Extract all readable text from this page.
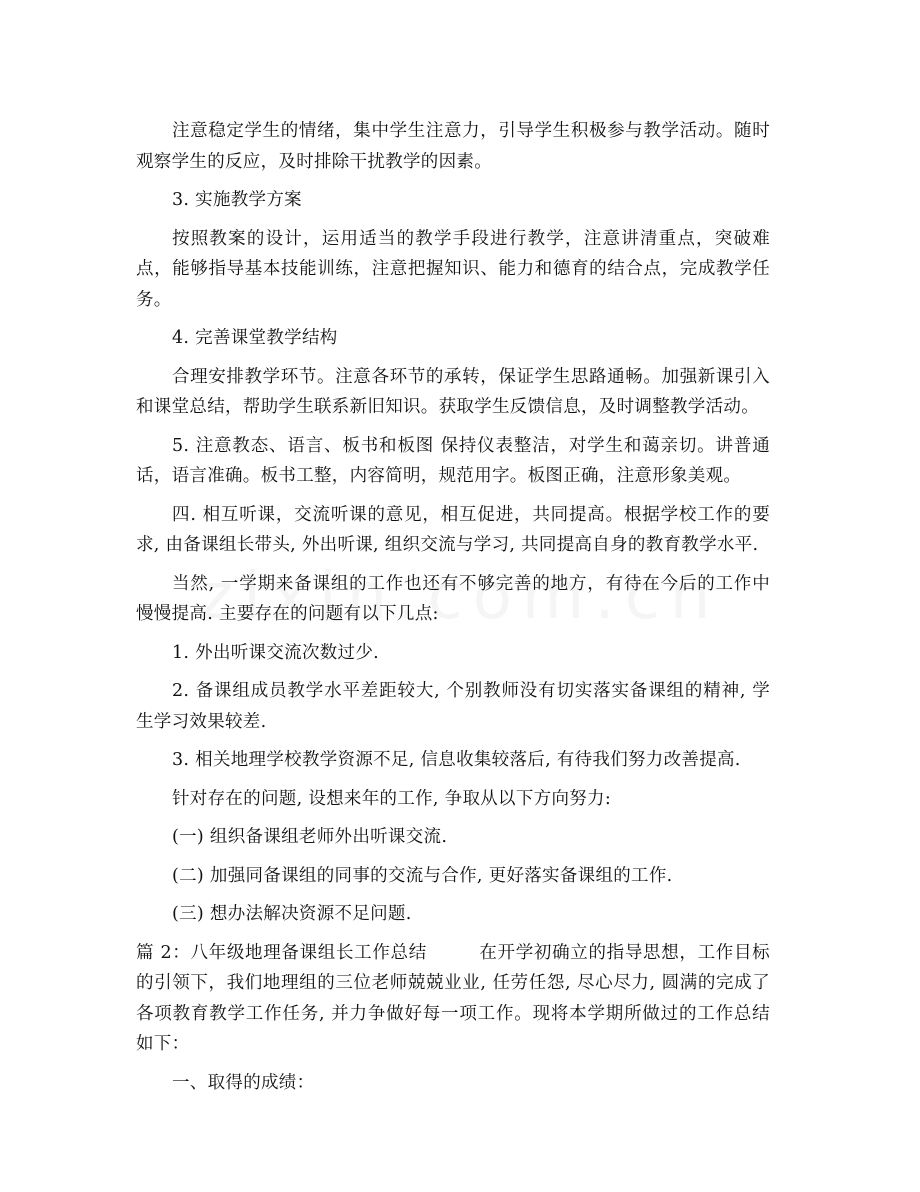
注意稳定学生的情绪，集中学生注意力，引导学生积极参与教学活动。随时观察学生的反应，及时排除干扰教学的因素。

3. 实施教学方案

按照教案的设计，运用适当的教学手段进行教学，注意讲清重点，突破难点，能够指导基本技能训练，注意把握知识、能力和德育的结合点，完成教学任务。

4. 完善课堂教学结构

合理安排教学环节。注意各环节的承转，保证学生思路通畅。加强新课引入和课堂总结，帮助学生联系新旧知识。获取学生反馈信息，及时调整教学活动。

5. 注意教态、语言、板书和板图 保持仪表整洁，对学生和蔼亲切。讲普通话，语言准确。板书工整，内容简明，规范用字。板图正确，注意形象美观。

四. 相互听课，交流听课的意见，相互促进，共同提高。根据学校工作的要求, 由备课组长带头, 外出听课, 组织交流与学习, 共同提高自身的教育教学水平.

当然, 一学期来备课组的工作也还有不够完善的地方，有待在今后的工作中慢慢提高. 主要存在的问题有以下几点:

1. 外出听课交流次数过少.

2. 备课组成员教学水平差距较大, 个别教师没有切实落实备课组的精神, 学生学习效果较差.

3. 相关地理学校教学资源不足, 信息收集较落后, 有待我们努力改善提高.

针对存在的问题, 设想来年的工作, 争取从以下方向努力:

(一) 组织备课组老师外出听课交流.

(二) 加强同备课组的同事的交流与合作, 更好落实备课组的工作.

(三) 想办法解决资源不足问题.

篇 2：八年级地理备课组长工作总结	在开学初确立的指导思想，工作目标的引领下，我们地理组的三位老师兢兢业业, 任劳任怨, 尽心尽力, 圆满的完成了各项教育教学工作任务, 并力争做好每一项工作。现将本学期所做过的工作总结如下：

一、取得的成绩：
